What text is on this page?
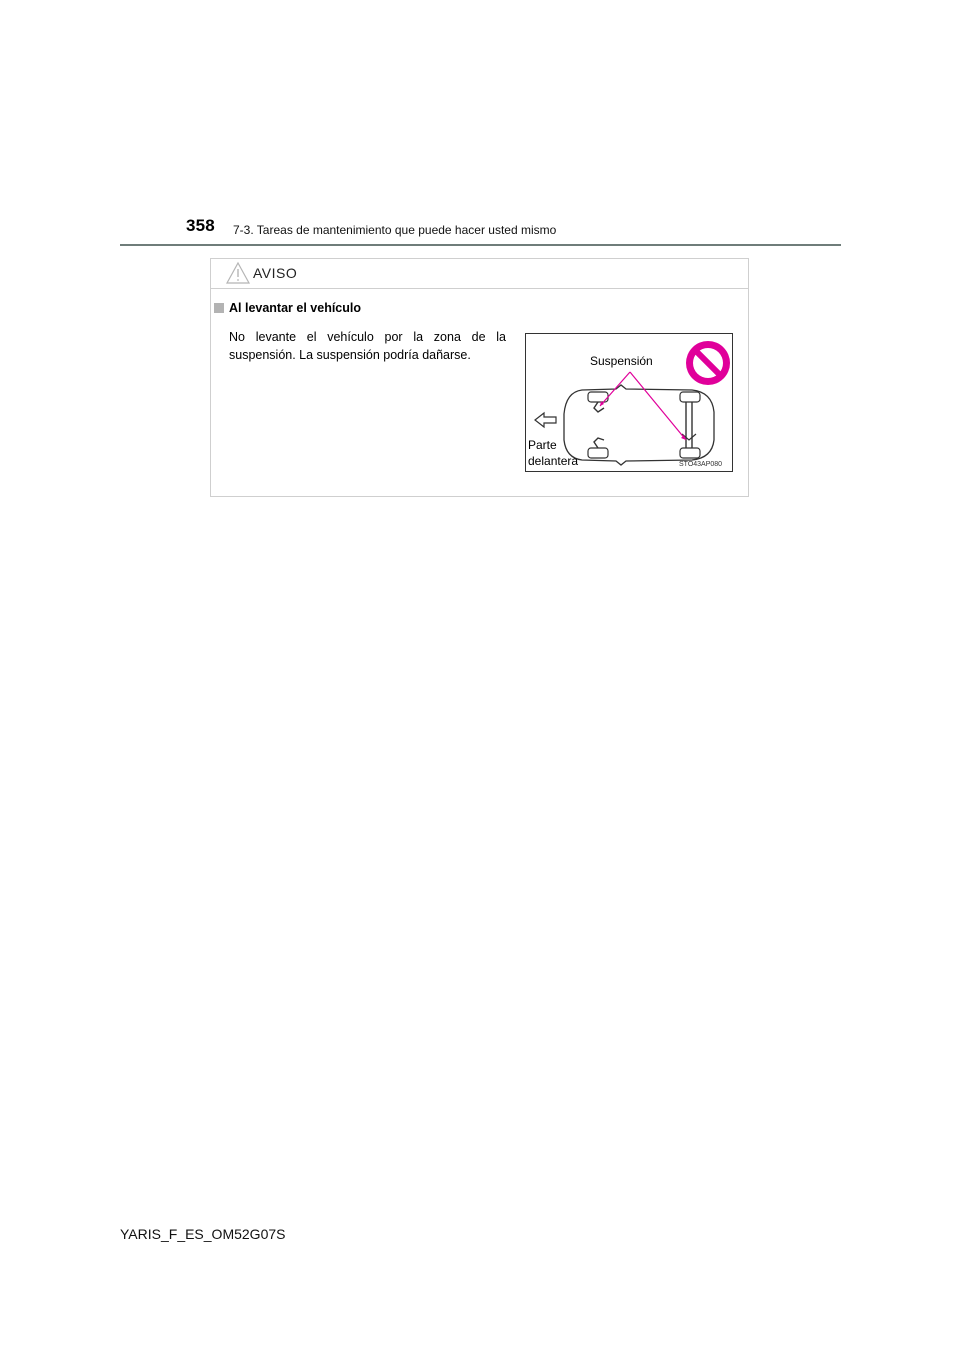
358 7-3. Tareas de mantenimiento que puede hacer usted mismo
AVISO
Al levantar el vehículo
No levante el vehículo por la zona de la suspensión. La suspensión podría dañarse.	Suspensión
Parte
delantera	STO43AP080
YARIS_F_ES_OM52G07S
